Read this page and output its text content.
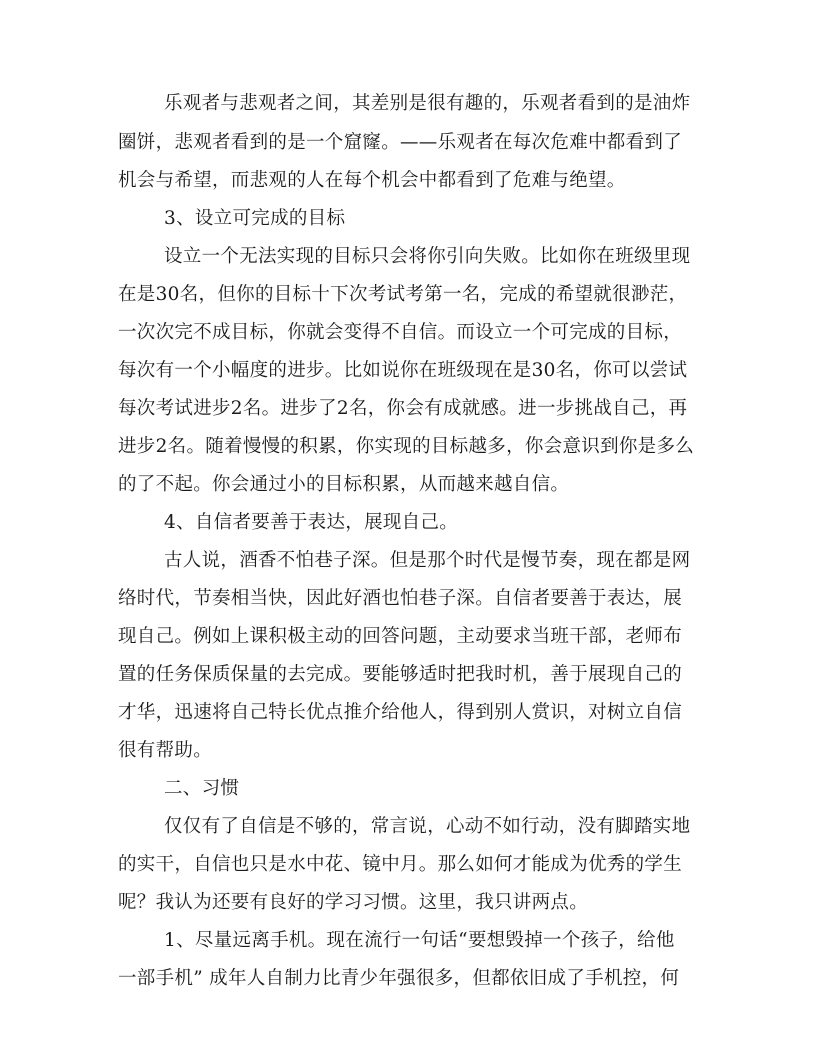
乐观者与悲观者之间，其差别是很有趣的，乐观者看到的是油炸

圈饼，悲观者看到的是一个窟窿。——乐观者在每次危难中都看到了

机会与希望，而悲观的人在每个机会中都看到了危难与绝望。

3、设立可完成的目标

设立一个无法实现的目标只会将你引向失败。比如你在班级里现

在是30名，但你的目标十下次考试考第一名，完成的希望就很渺茫，

一次次完不成目标，你就会变得不自信。而设立一个可完成的目标，

每次有一个小幅度的进步。比如说你在班级现在是30名，你可以尝试

每次考试进步2名。进步了2名，你会有成就感。进一步挑战自己，再

进步2名。随着慢慢的积累，你实现的目标越多，你会意识到你是多么

的了不起。你会通过小的目标积累，从而越来越自信。

4、自信者要善于表达，展现自己。

古人说，酒香不怕巷子深。但是那个时代是慢节奏，现在都是网

络时代，节奏相当快，因此好酒也怕巷子深。自信者要善于表达，展

现自己。例如上课积极主动的回答问题，主动要求当班干部，老师布

置的任务保质保量的去完成。要能够适时把我时机，善于展现自己的

才华，迅速将自己特长优点推介给他人，得到别人赏识，对树立自信

很有帮助。

二、习惯

仅仅有了自信是不够的，常言说，心动不如行动，没有脚踏实地

的实干，自信也只是水中花、镜中月。那么如何才能成为优秀的学生

呢？我认为还要有良好的学习习惯。这里，我只讲两点。

1、尽量远离手机。现在流行一句话“要想毁掉一个孩子，给他

一部手机” 成年人自制力比青少年强很多，但都依旧成了手机控，何
